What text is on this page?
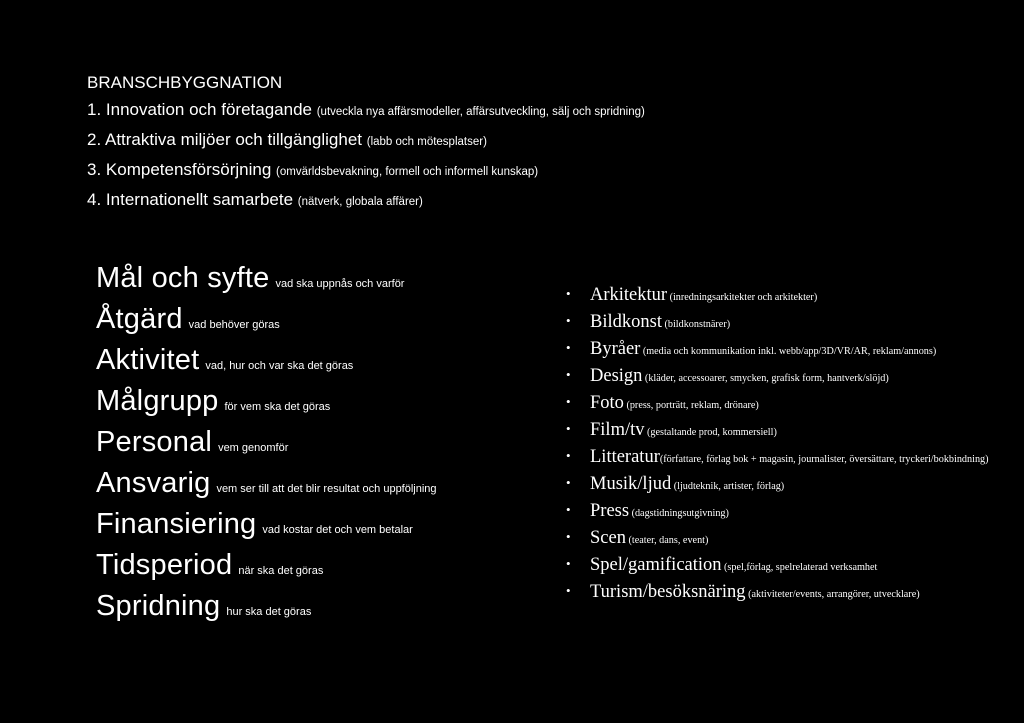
BRANSCHBYGGNATION
1. Innovation och företagande (utveckla nya affärsmodeller, affärsutveckling, sälj och spridning)
2. Attraktiva miljöer och tillgänglighet (labb och mötesplatser)
3. Kompetensförsörjning (omvärldsbevakning, formell och informell kunskap)
4. Internationellt samarbete (nätverk, globala affärer)
Mål och syfte vad ska uppnås och varför
Åtgärd vad behöver göras
Aktivitet vad, hur och var ska det göras
Målgrupp för vem ska det göras
Personal vem genomför
Ansvarig vem ser till att det blir resultat och uppföljning
Finansiering vad kostar det och vem betalar
Tidsperiod när ska det göras
Spridning hur ska det göras
• Arkitektur (inredningsarkitekter och arkitekter)
• Bildkonst (bildkonstnärer)
• Byråer (media och kommunikation inkl. webb/app/3D/VR/AR, reklam/annons)
• Design (kläder, accessoarer, smycken, grafisk form, hantverk/slöjd)
• Foto (press, porträtt, reklam, drönare)
• Film/tv (gestaltande prod, kommersiell)
• Litteratur(författare, förlag bok + magasin, journalister, översättare, tryckeri/bokbindning)
• Musik/ljud (ljudteknik, artister, förlag)
• Press (dagstidningsutgivning)
• Scen (teater, dans, event)
• Spel/gamification (spel,förlag, spelrelaterad verksamhet
• Turism/besöksnäring (aktiviteter/events, arrangörer, utvecklare)
